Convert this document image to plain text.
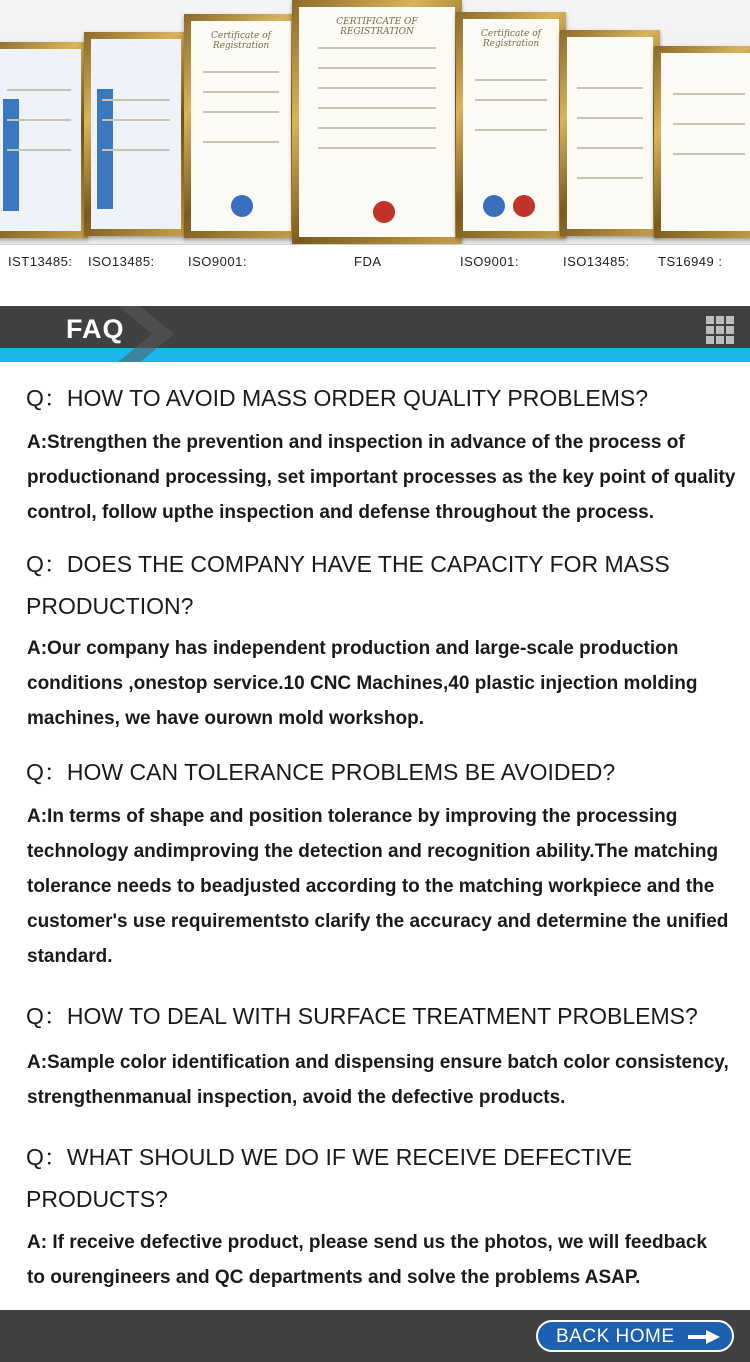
Certificate of Registration
CERTIFICATE OF REGISTRATION	Certificate of Registration
IST13485: ISO13485:	ISO9001:	FDA	ISO9001:	ISO13485: TS16949 :
FAQ
Q：HOW TO AVOID MASS ORDER QUALITY PROBLEMS?
A:Strengthen the prevention and inspection in advance of the process of
productionand processing, set important processes as the key point of quality
control, follow upthe inspection and defense throughout the process.
Q：DOES THE COMPANY HAVE THE CAPACITY FOR MASS
PRODUCTION?
A:Our company has independent production and large-scale production
conditions ,onestop service.10 CNC Machines,40 plastic injection molding
machines, we have ourown mold workshop.
Q：HOW CAN TOLERANCE PROBLEMS BE AVOIDED?
A:In terms of shape and position tolerance by improving the processing
technology andimproving the detection and recognition ability.The matching
tolerance needs to beadjusted according to the matching workpiece and the
customer's use requirementsto clarify the accuracy and determine the unified
standard.
Q：HOW TO DEAL WITH SURFACE TREATMENT PROBLEMS?
A:Sample color identification and dispensing ensure batch color consistency,
strengthenmanual inspection, avoid the defective products.
Q：WHAT SHOULD WE DO IF WE RECEIVE DEFECTIVE
PRODUCTS?
A: If receive defective product, please send us the photos, we will feedback
to ourengineers and QC departments and solve the problems ASAP.
BACK HOME
